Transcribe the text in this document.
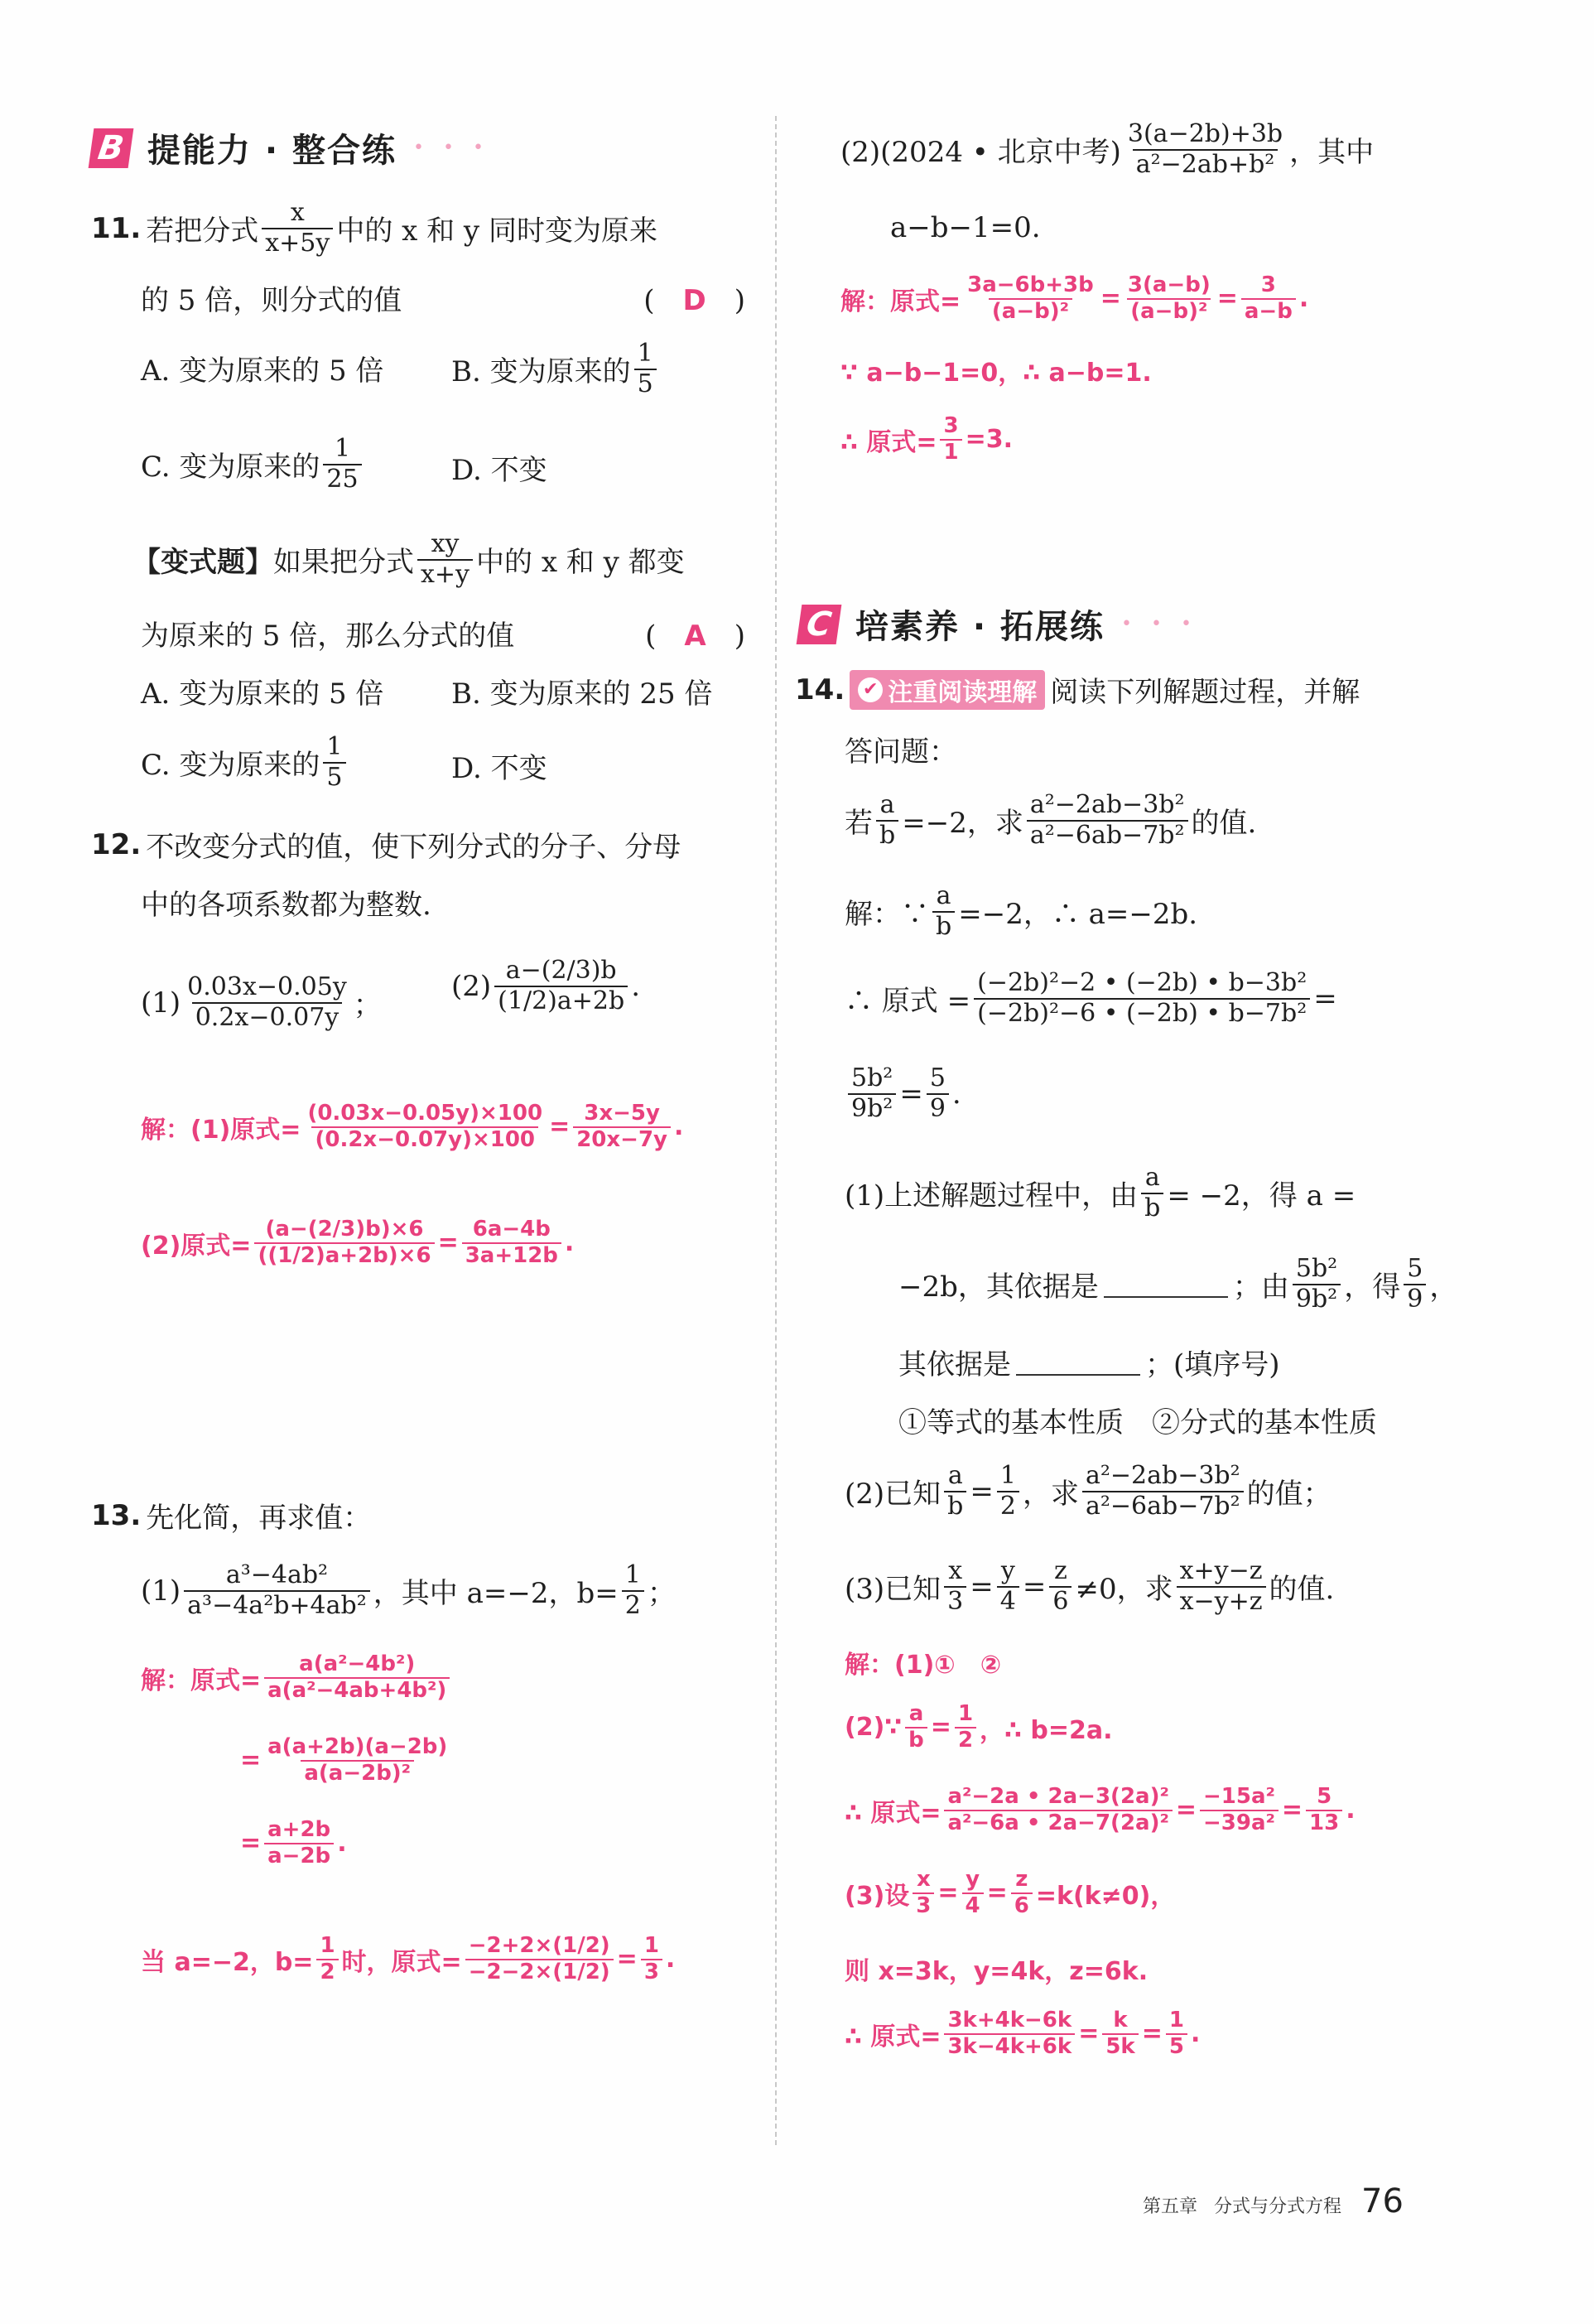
B 提能力 · 整合练 • • •
11. 若把分式 $\frac{x}{x+5y}$ 中的 x 和 y 同时变为原来
的 5 倍，则分式的值	(　D　)
A. 变为原来的 5 倍 B. 变为原来的 $\frac{1}{5}$
C. 变为原来的 $\frac{1}{25}$	D. 不变
【变式题】 如果把分式 $\frac{xy}{x+y}$ 中的 x 和 y 都变
为原来的 5 倍，那么分式的值	(　A　)
A. 变为原来的 5 倍 B. 变为原来的 25 倍
C. 变为原来的 $\frac{1}{5}$	D. 不变
12. 不改变分式的值，使下列分式的分子、分母
中的各项系数都为整数.
$(1) \frac{0.03x-0.05y}{0.2x-0.07y}$ ；
$(2) \frac{a-(2/3)b}{(1/2)a+2b}$ .
解：(1)原式= $\frac{(0.03x-0.05y)\times 100}{(0.2x-0.07y)\times 100} = \frac{3x-5y}{20x-7y}$ .
(2)原式= $\frac{(a-(2/3)b)\times 6}{((1/2)a+2b)\times 6} = \frac{6a-4b}{3a+12b}$ .
13. 先化简，再求值：
$(1) \frac{\text{a³−4ab²}}{\text{a³−4a²b+4ab²}}$ ，其中 a=−2，$b= \frac{1}{2}$ ；
解：原式= $\frac{\text{a(a²−4b²)}}{\text{a(a²−4ab+4b²)}}$
= $\frac{a(a+2b)(a-2b)}{\text{a(a−2b)²}}$
= $\frac{a+2b}{a-2b}$ .
当 a=−2，$b= \frac{1}{2}$ 时，原式= $\frac{-2+2\times(1/2)}{-2-2\times(1/2)} = \frac{1}{3}$ .
(2)(2024 • 北京中考) $\frac{3(a-2b)+3b}{\text{a²−2ab+b²}}$ ，其中
a−b−1=0.
解：原式= $\frac{3a-6b+3b}{\text{(a−b)²}} = \frac{3(a-b)}{\text{(a−b)²}} = \frac{3}{a-b}$ .
∵ a−b−1=0，∴ a−b=1.
∴ 原式= $\frac{3}{1} =3$.
C 培素养 · 拓展练 • • •
14. ✔ 注重阅读理解 阅读下列解题过程，并解
答问题：
若 $\frac{a}{b} =-2$，求 $\frac{\text{a²−2ab−3b²}}{\text{a²−6ab−7b²}}$ 的值.
解：∵ $\frac{a}{b} =-2$，∴ a=−2b.
∴ 原式 = $\frac{\text{(−2b)²−2 • (−2b) • b−3b²}}{\text{(−2b)²−6 • (−2b) • b−7b²}}$ =
$\frac{\text{5b²}}{\text{9b²}} = \frac{5}{9}$ .
(1)上述解题过程中，由 $\frac{a}{b} = -2$，得 a =
−2b，其依据是	；由 $\frac{\text{5b²}}{\text{9b²}}$ ，得 $\frac{5}{9}$ ，
其依据是	；(填序号)
①等式的基本性质　②分式的基本性质
(2)已知 $\frac{a}{b} = \frac{1}{2}$ ，求 $\frac{\text{a²−2ab−3b²}}{\text{a²−6ab−7b²}}$ 的值；
(3)已知 $\frac{x}{3} = \frac{y}{4} = \frac{z}{6} \ne 0$，求 $\frac{x+y-z}{x-y+z}$ 的值.
解：(1)①　②
(2)∵ $\frac{a}{b} = \frac{1}{2}$ ，∴ b=2a.
∴ 原式= $\frac{\text{a²−2a • 2a−3(2a)²}}{\text{a²−6a • 2a−7(2a)²}} = \frac{\text{−15a²}}{\text{−39a²}} = \frac{5}{13}$ .
(3)设 $\frac{x}{3} = \frac{y}{4} = \frac{z}{6} =k(k\ne 0)$，
则 x=3k，y=4k，z=6k.
∴ 原式= $\frac{3k+4k-6k}{3k-4k+6k} = \frac{k}{5k} = \frac{1}{5}$ .
第五章 分式与分式方程 76
